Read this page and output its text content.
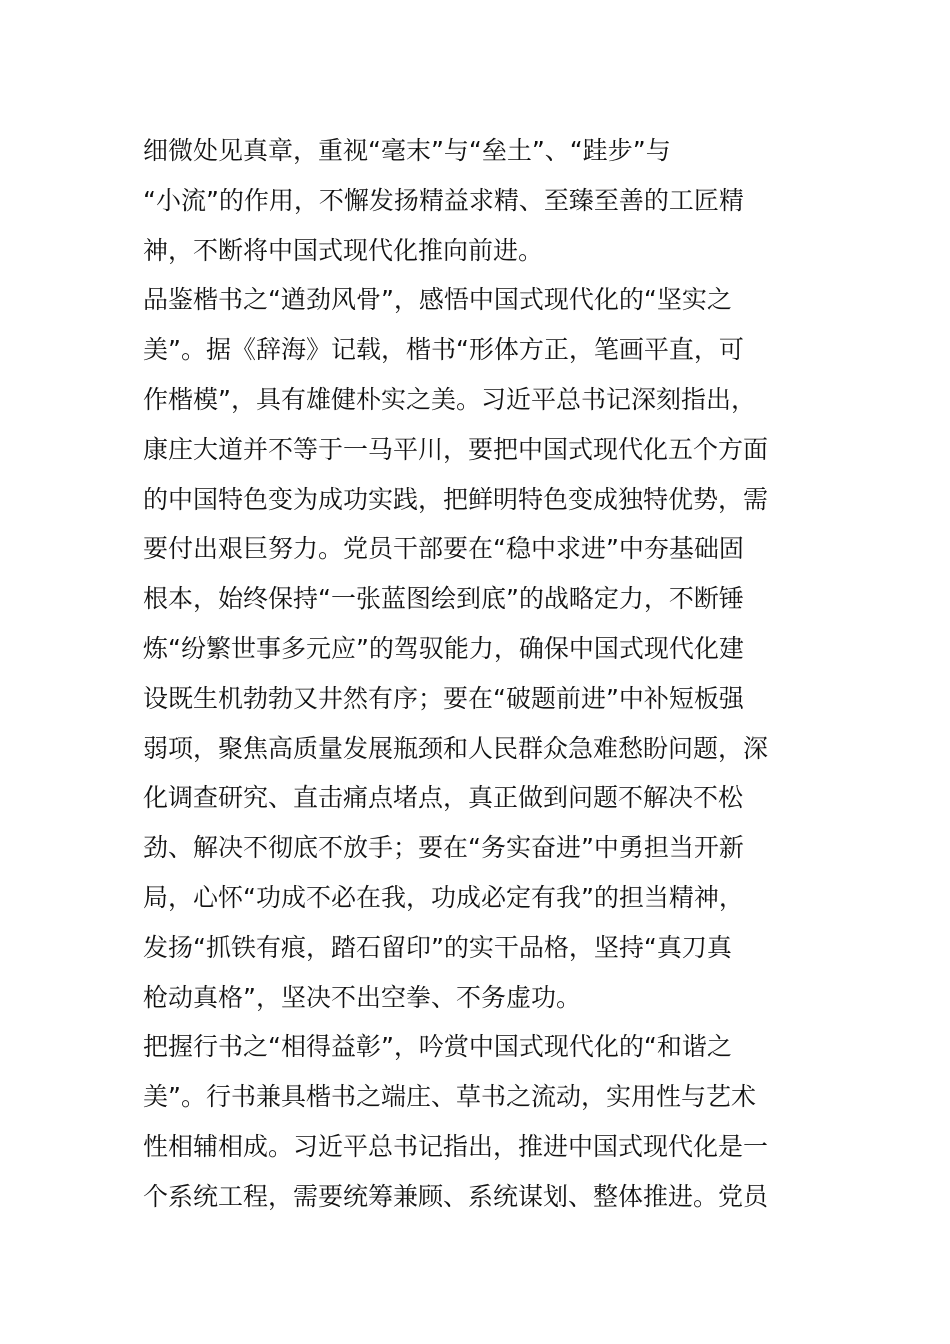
细微处见真章，重视“毫末”与“垒土”、“跬步”与
“小流”的作用，不懈发扬精益求精、至臻至善的工匠精
神，不断将中国式现代化推向前进。
品鉴楷书之“遒劲风骨”，感悟中国式现代化的“坚实之
美”。据《辞海》记载，楷书“形体方正，笔画平直，可
作楷模”，具有雄健朴实之美。习近平总书记深刻指出，
康庄大道并不等于一马平川，要把中国式现代化五个方面
的中国特色变为成功实践，把鲜明特色变成独特优势，需
要付出艰巨努力。党员干部要在“稳中求进”中夯基础固
根本，始终保持“一张蓝图绘到底”的战略定力，不断锤
炼“纷繁世事多元应”的驾驭能力，确保中国式现代化建
设既生机勃勃又井然有序；要在“破题前进”中补短板强
弱项，聚焦高质量发展瓶颈和人民群众急难愁盼问题，深
化调查研究、直击痛点堵点，真正做到问题不解决不松
劲、解决不彻底不放手；要在“务实奋进”中勇担当开新
局，心怀“功成不必在我，功成必定有我”的担当精神，
发扬“抓铁有痕，踏石留印”的实干品格，坚持“真刀真
枪动真格”，坚决不出空拳、不务虚功。
把握行书之“相得益彰”，吟赏中国式现代化的“和谐之
美”。行书兼具楷书之端庄、草书之流动，实用性与艺术
性相辅相成。习近平总书记指出，推进中国式现代化是一
个系统工程，需要统筹兼顾、系统谋划、整体推进。党员
